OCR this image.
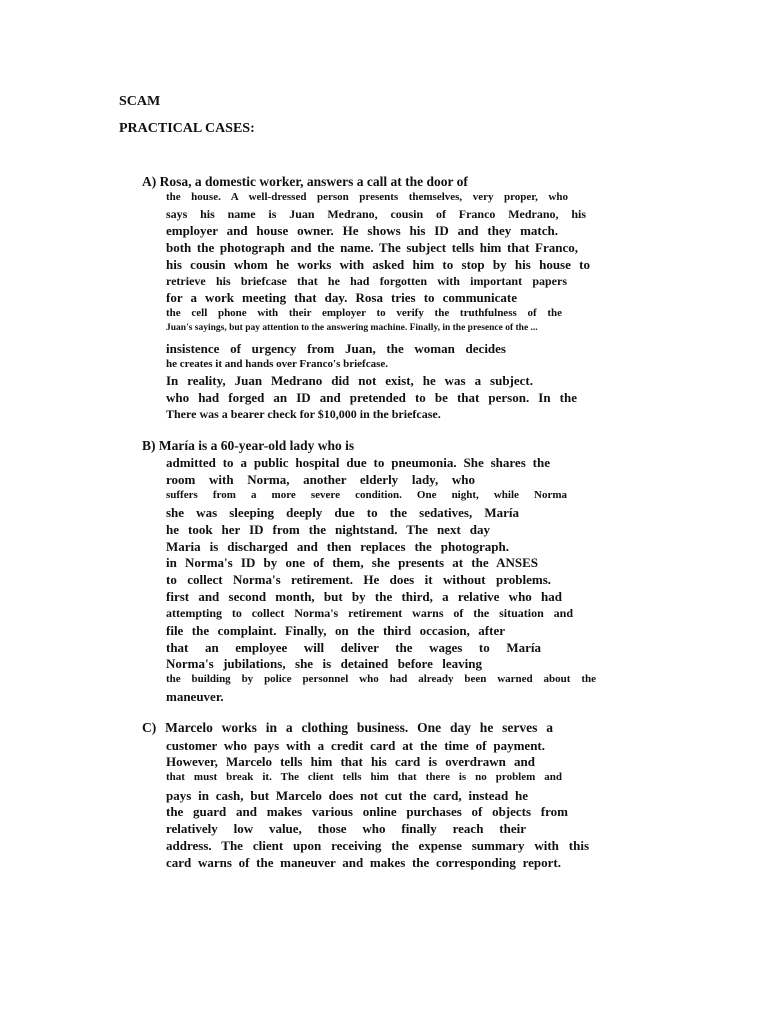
SCAM
PRACTICAL CASES:
A) Rosa, a domestic worker, answers a call at the door of
the house. A well-dressed person presents themselves, very proper, who
says his name is Juan Medrano, cousin of Franco Medrano, his
employer and house owner. He shows his ID and they match.
both the photograph and the name. The subject tells him that Franco,
his cousin whom he works with asked him to stop by his house to
retrieve his briefcase that he had forgotten with important papers
for a work meeting that day. Rosa tries to communicate
the cell phone with their employer to verify the truthfulness of the
Juan's sayings, but pay attention to the answering machine. Finally, in the presence of the ...
insistence of urgency from Juan, the woman decides
he creates it and hands over Franco's briefcase.
In reality, Juan Medrano did not exist, he was a subject.
who had forged an ID and pretended to be that person. In the
There was a bearer check for $10,000 in the briefcase.
B) María is a 60-year-old lady who is
admitted to a public hospital due to pneumonia. She shares the
room with Norma, another elderly lady, who
suffers from a more severe condition. One night, while Norma
she was sleeping deeply due to the sedatives, María
he took her ID from the nightstand. The next day
Maria is discharged and then replaces the photograph.
in Norma's ID by one of them, she presents at the ANSES
to collect Norma's retirement. He does it without problems.
first and second month, but by the third, a relative who had
attempting to collect Norma's retirement warns of the situation and
file the complaint. Finally, on the third occasion, after
that an employee will deliver the wages to María
Norma's jubilations, she is detained before leaving
the building by police personnel who had already been warned about the
maneuver.
C) Marcelo works in a clothing business. One day he serves a
customer who pays with a credit card at the time of payment.
However, Marcelo tells him that his card is overdrawn and
that must break it. The client tells him that there is no problem and
pays in cash, but Marcelo does not cut the card, instead he
the guard and makes various online purchases of objects from
relatively low value, those who finally reach their
address. The client upon receiving the expense summary with this
card warns of the maneuver and makes the corresponding report.
